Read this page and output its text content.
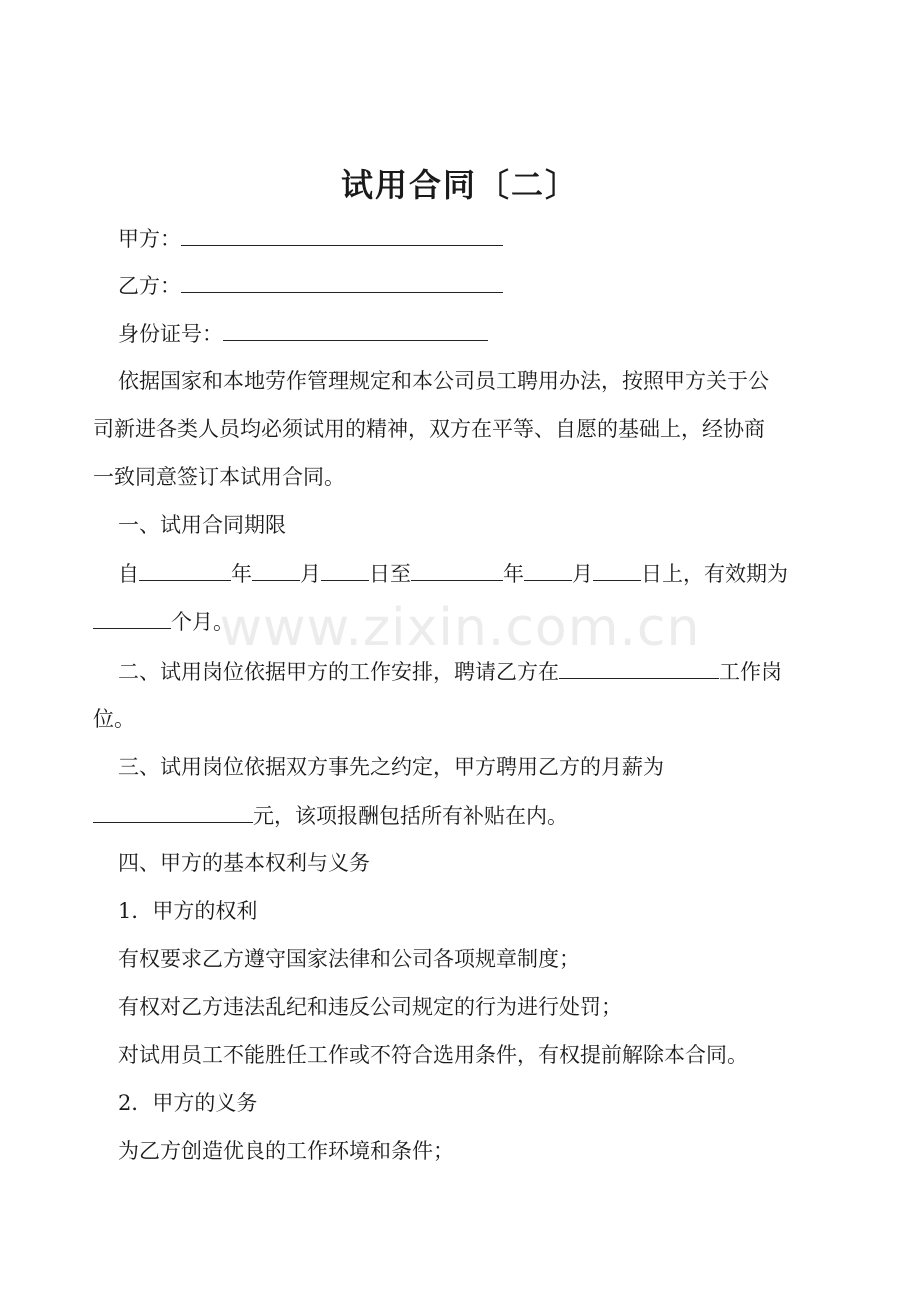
www.zixin.com.cn
试用合同〔二〕
甲方：
乙方：
身份证号：
依据国家和本地劳作管理规定和本公司员工聘用办法，按照甲方关于公
司新进各类人员均必须试用的精神，双方在平等、自愿的基础上，经协商
一致同意签订本试用合同。
一、试用合同期限
自	年 月 日至	年 月 日上，有效期为
个月。
二、试用岗位依据甲方的工作安排，聘请乙方在	工作岗
位。
三、试用岗位依据双方事先之约定，甲方聘用乙方的月薪为
元，该项报酬包括所有补贴在内。
四、甲方的基本权利与义务
1．甲方的权利
有权要求乙方遵守国家法律和公司各项规章制度；
有权对乙方违法乱纪和违反公司规定的行为进行处罚；
对试用员工不能胜任工作或不符合选用条件，有权提前解除本合同。
2．甲方的义务
为乙方创造优良的工作环境和条件；
